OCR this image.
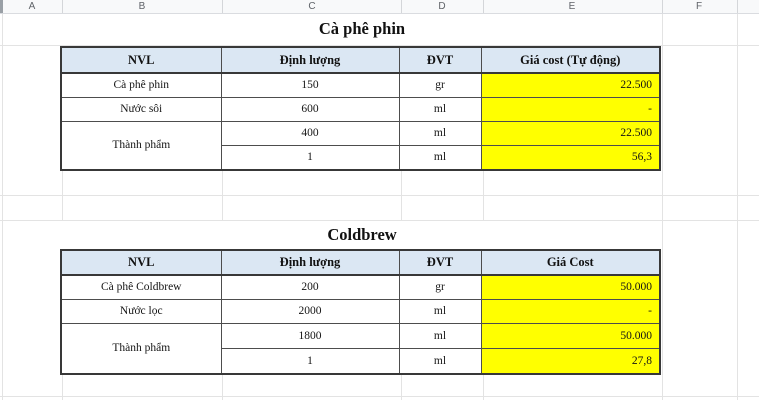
Cà phê phin
Coldbrew
A	B	C	D	E	F
NVL	Định lượng	ĐVT	Giá cost (Tự động)
Cà phê phin	150	gr	22.500
Nước sôi	600	ml	-
Thành phẩm	400	ml	22.500
	1	ml	56,3
NVL	Định lượng	ĐVT	Giá Cost
Cà phê Coldbrew	200	gr	50.000
Nước lọc	2000	ml	-
Thành phẩm	1800	ml	50.000
	1	ml	27,8
